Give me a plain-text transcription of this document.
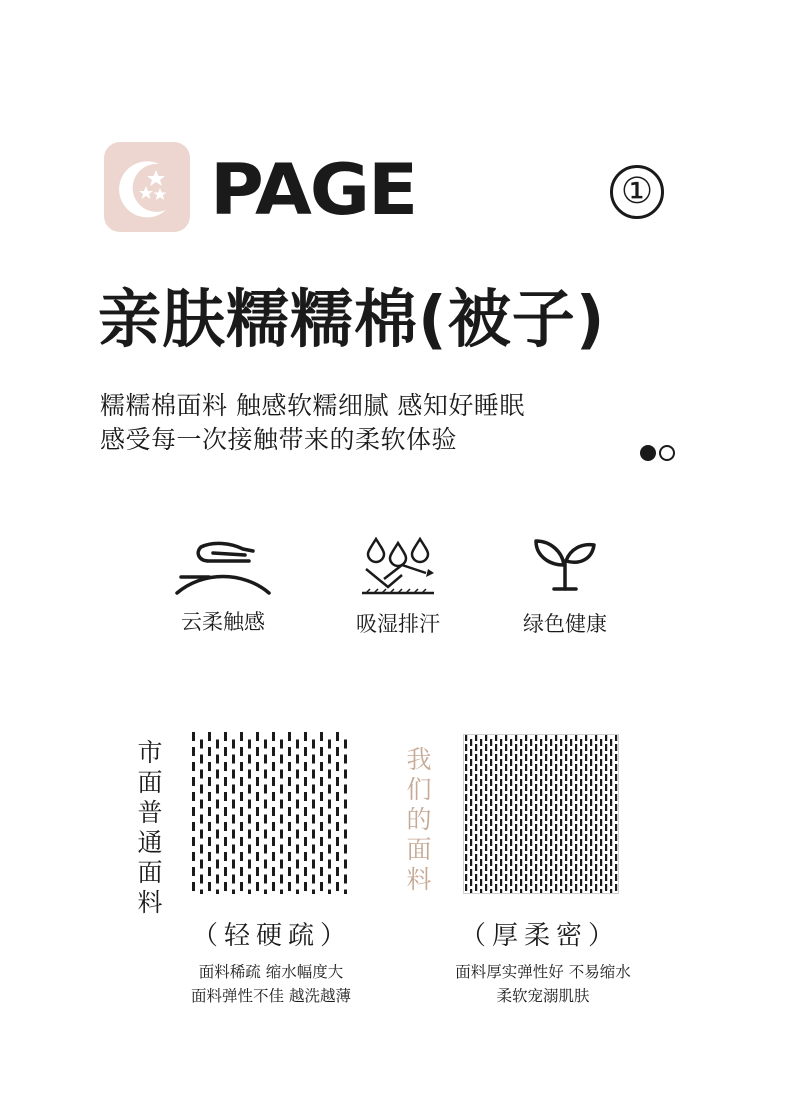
PAGE	①
亲肤糯糯棉(被子)
糯糯棉面料 触感软糯细腻 感知好睡眠
感受每一次接触带来的柔软体验
云柔触感	吸湿排汗	绿色健康
市
面
普
通
面
料
我
们
的
面
料
（轻硬疏）	（厚柔密）
面料稀疏 缩水幅度大
面料弹性不佳 越洗越薄
面料厚实弹性好 不易缩水
柔软宠溺肌肤
